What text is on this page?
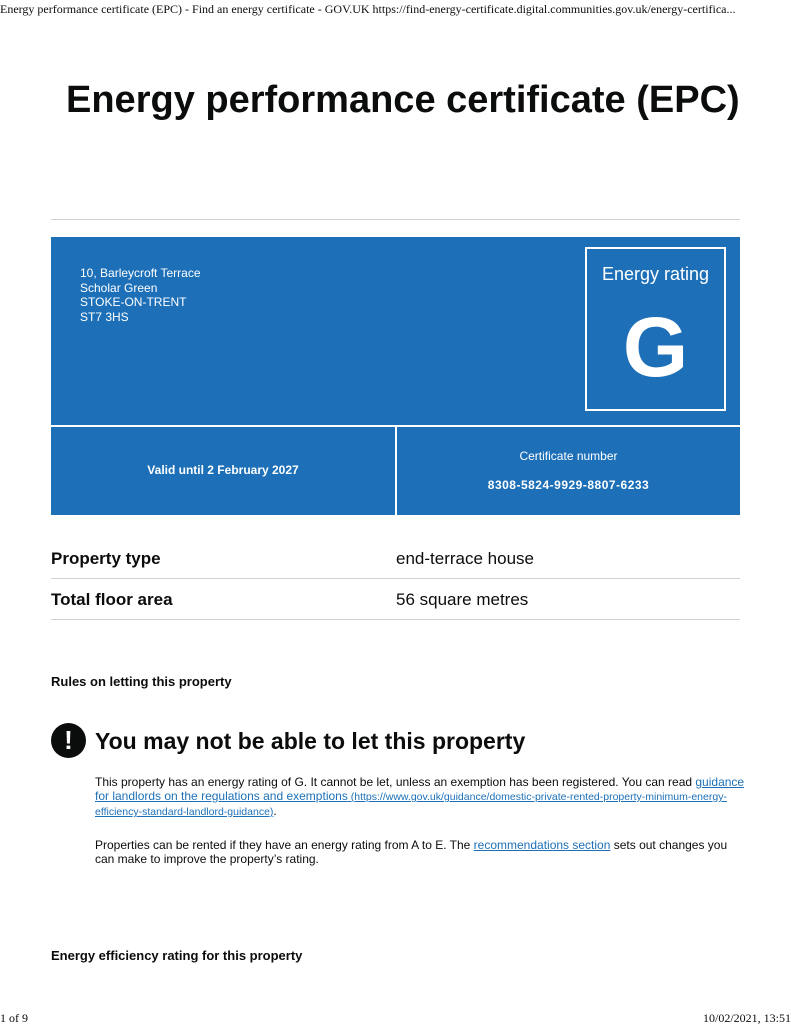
Energy performance certificate (EPC) - Find an energy certificate - GOV.UK https://find-energy-certificate.digital.communities.gov.uk/energy-certifica...
Energy performance certificate (EPC)
10, Barleycroft Terrace
Scholar Green
STOKE-ON-TRENT
ST7 3HS
Energy rating
G
Valid until 2 February 2027
Certificate number
8308-5824-9929-8807-6233
Property type	end-terrace house
Total floor area	56 square metres
Rules on letting this property
! You may not be able to let this property
This property has an energy rating of G. It cannot be let, unless an exemption has been registered. You can read guidance for landlords on the regulations and exemptions (https://www.gov.uk/guidance/domestic-private-rented-property-minimum-energy-efficiency-standard-landlord-guidance).
Properties can be rented if they have an energy rating from A to E. The recommendations section sets out changes you can make to improve the property’s rating.
Energy efficiency rating for this property
1 of 9	10/02/2021, 13:51
